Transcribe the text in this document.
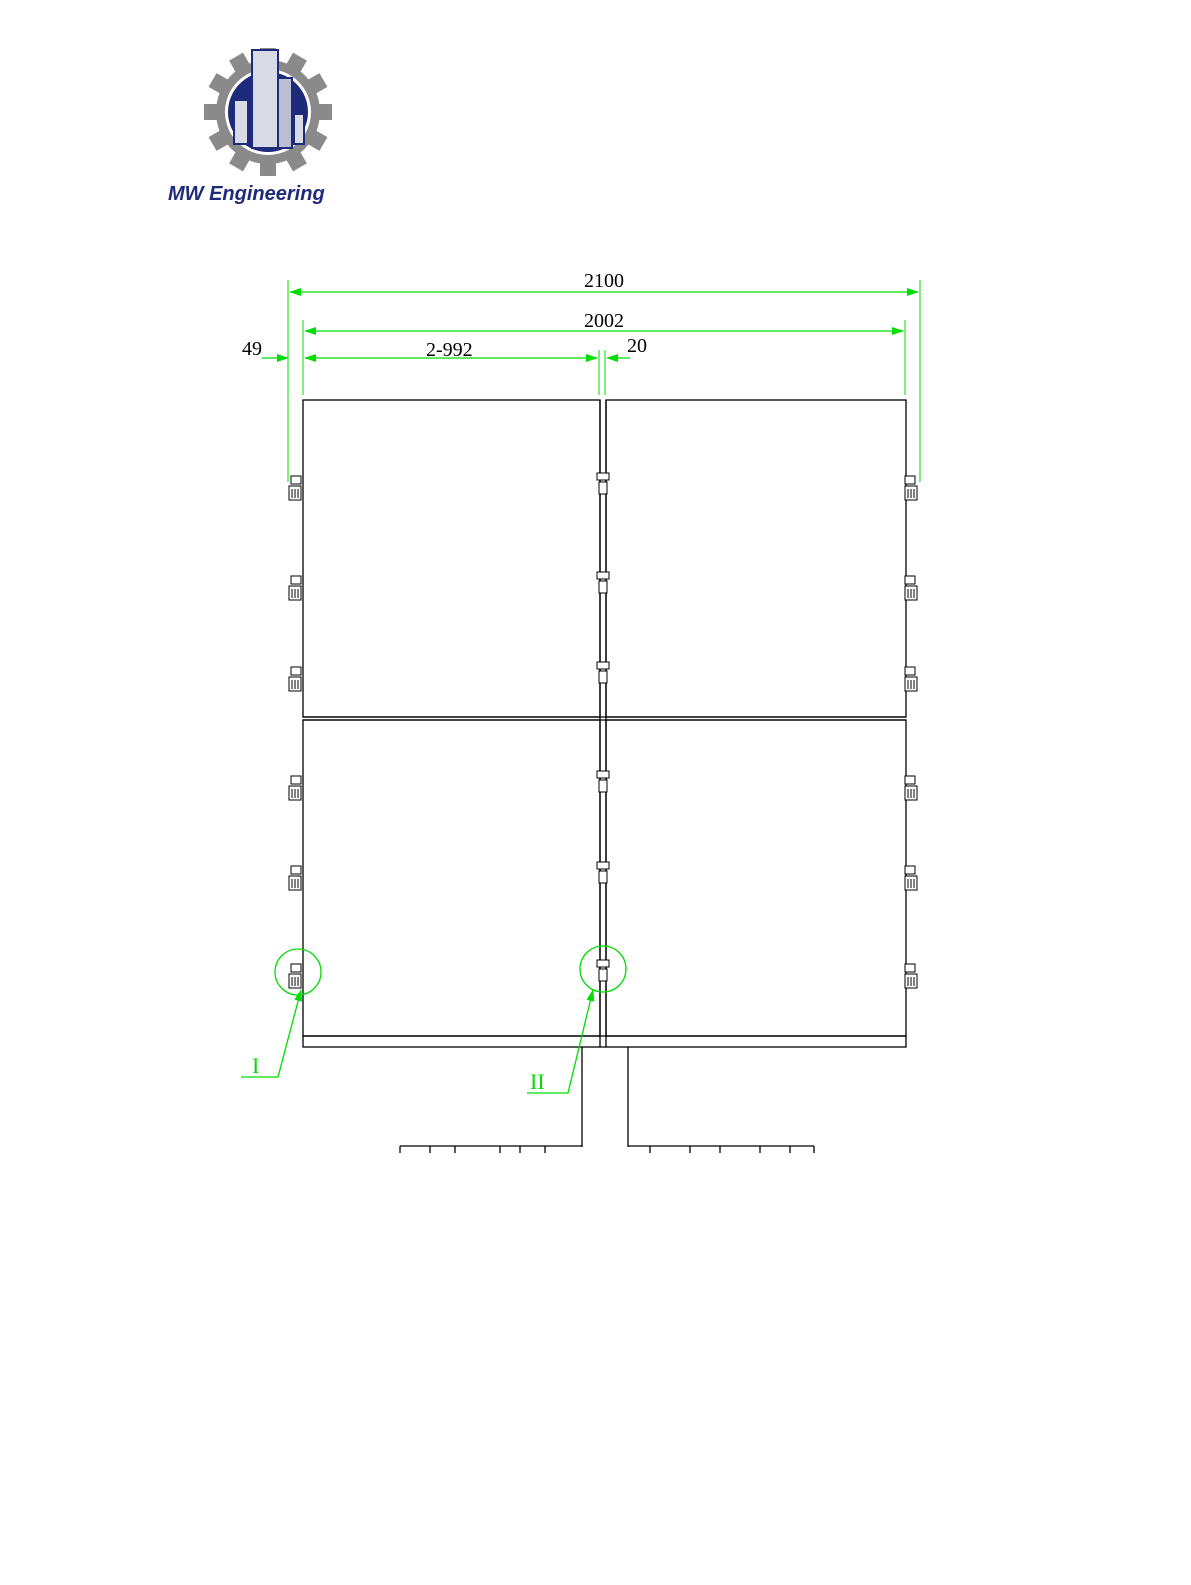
MW Engineering
2100
2002
49	2-992	20
I
II
